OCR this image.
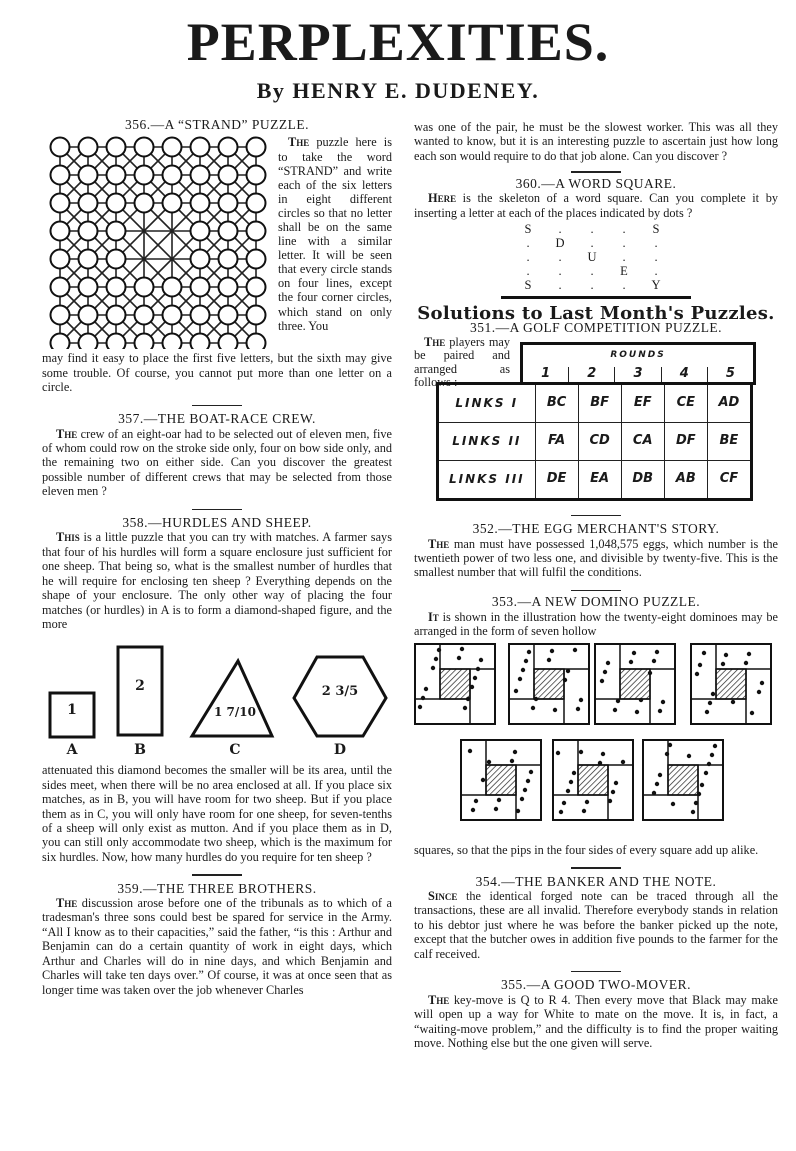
PERPLEXITIES.
By HENRY E. DUDENEY.
356.—A “STRAND” PUZZLE.

The puzzle here is to take the word “STRAND” and write each of the six letters in eight different circles so that no letter shall be on the same line with a similar letter. It will be seen that every circle stands on four lines, except the four corner circles, which stand on only three. You

may find it easy to place the first five letters, but the sixth may give some trouble. Of course, you cannot put more than one letter on a circle.

357.—THE BOAT-RACE CREW.

The crew of an eight-oar had to be selected out of eleven men, five of whom could row on the stroke side only, four on bow side only, and the remaining two on either side. Can you discover the greatest possible number of different crews that may be selected from those eleven men ?

358.—HURDLES AND SHEEP.

This is a little puzzle that you can try with matches. A farmer says that four of his hurdles will form a square enclosure just sufficient for one sheep. That being so, what is the smallest number of hurdles that he will require for enclosing ten sheep ? Everything depends on the shape of your enclosure. The only other way of placing the four matches (or hurdles) in A is to form a diamond-shaped figure, and the more

1
2
1 7/10
2 3/5
A	B	C	D

attenuated this diamond becomes the smaller will be its area, until the sides meet, when there will be no area enclosed at all. If you place six matches, as in B, you will have room for two sheep. But if you place them as in C, you will only have room for one sheep, for seven-tenths of a sheep will only exist as mutton. And if you place them as in D, you can still only accommodate two sheep, which is the maximum for six hurdles. Now, how many hurdles do you require for ten sheep ?

359.—THE THREE BROTHERS.

The discussion arose before one of the tribunals as to which of a tradesman's three sons could best be spared for service in the Army. “All I know as to their capacities,” said the father, “is this : Arthur and Benjamin can do a certain quantity of work in eight days, which Arthur and Charles will do in nine days, and which Benjamin and Charles will take ten days over.” Of course, it was at once seen that as longer time was taken over the job whenever Charles

was one of the pair, he must be the slowest worker. This was all they wanted to know, but it is an interesting puzzle to ascertain just how long each son would require to do that job alone. Can you discover ?

360.—A WORD SQUARE.

Here is the skeleton of a word square. Can you complete it by inserting a letter at each of the places indicated by dots ?

S	.	.	.	S
.	D	.	.	.
.	.	U	.	.
.	.	.	E	.
S	.	.	.	Y
Solutions to Last Month's Puzzles.
351.—A GOLF COMPETITION PUZZLE.

The players may be paired and arranged as follows :

ROUNDS
1	2	3	4	5
LINKS I	BC	BF	EF	CE	AD
LINKS II	FA	CD	CA	DF	BE
LINKS III	DE	EA	DB	AB	CF
352.—THE EGG MERCHANT'S STORY.

The man must have possessed 1,048,575 eggs, which number is the twentieth power of two less one, and divisible by twenty-five. This is the smallest number that will fulfil the conditions.

353.—A NEW DOMINO PUZZLE.

It is shown in the illustration how the twenty-eight dominoes may be arranged in the form of seven hollow

squares, so that the pips in the four sides of every square add up alike.

354.—THE BANKER AND THE NOTE.

Since the identical forged note can be traced through all the transactions, these are all invalid. Therefore everybody stands in relation to his debtor just where he was before the banker picked up the note, except that the butcher owes in addition five pounds to the farmer for the calf received.

355.—A GOOD TWO-MOVER.

The key-move is Q to R 4. Then every move that Black may make will open up a way for White to mate on the move. It is, in fact, a “waiting-move problem,” and the difficulty is to find the proper waiting move. Nothing else but the one given will serve.
